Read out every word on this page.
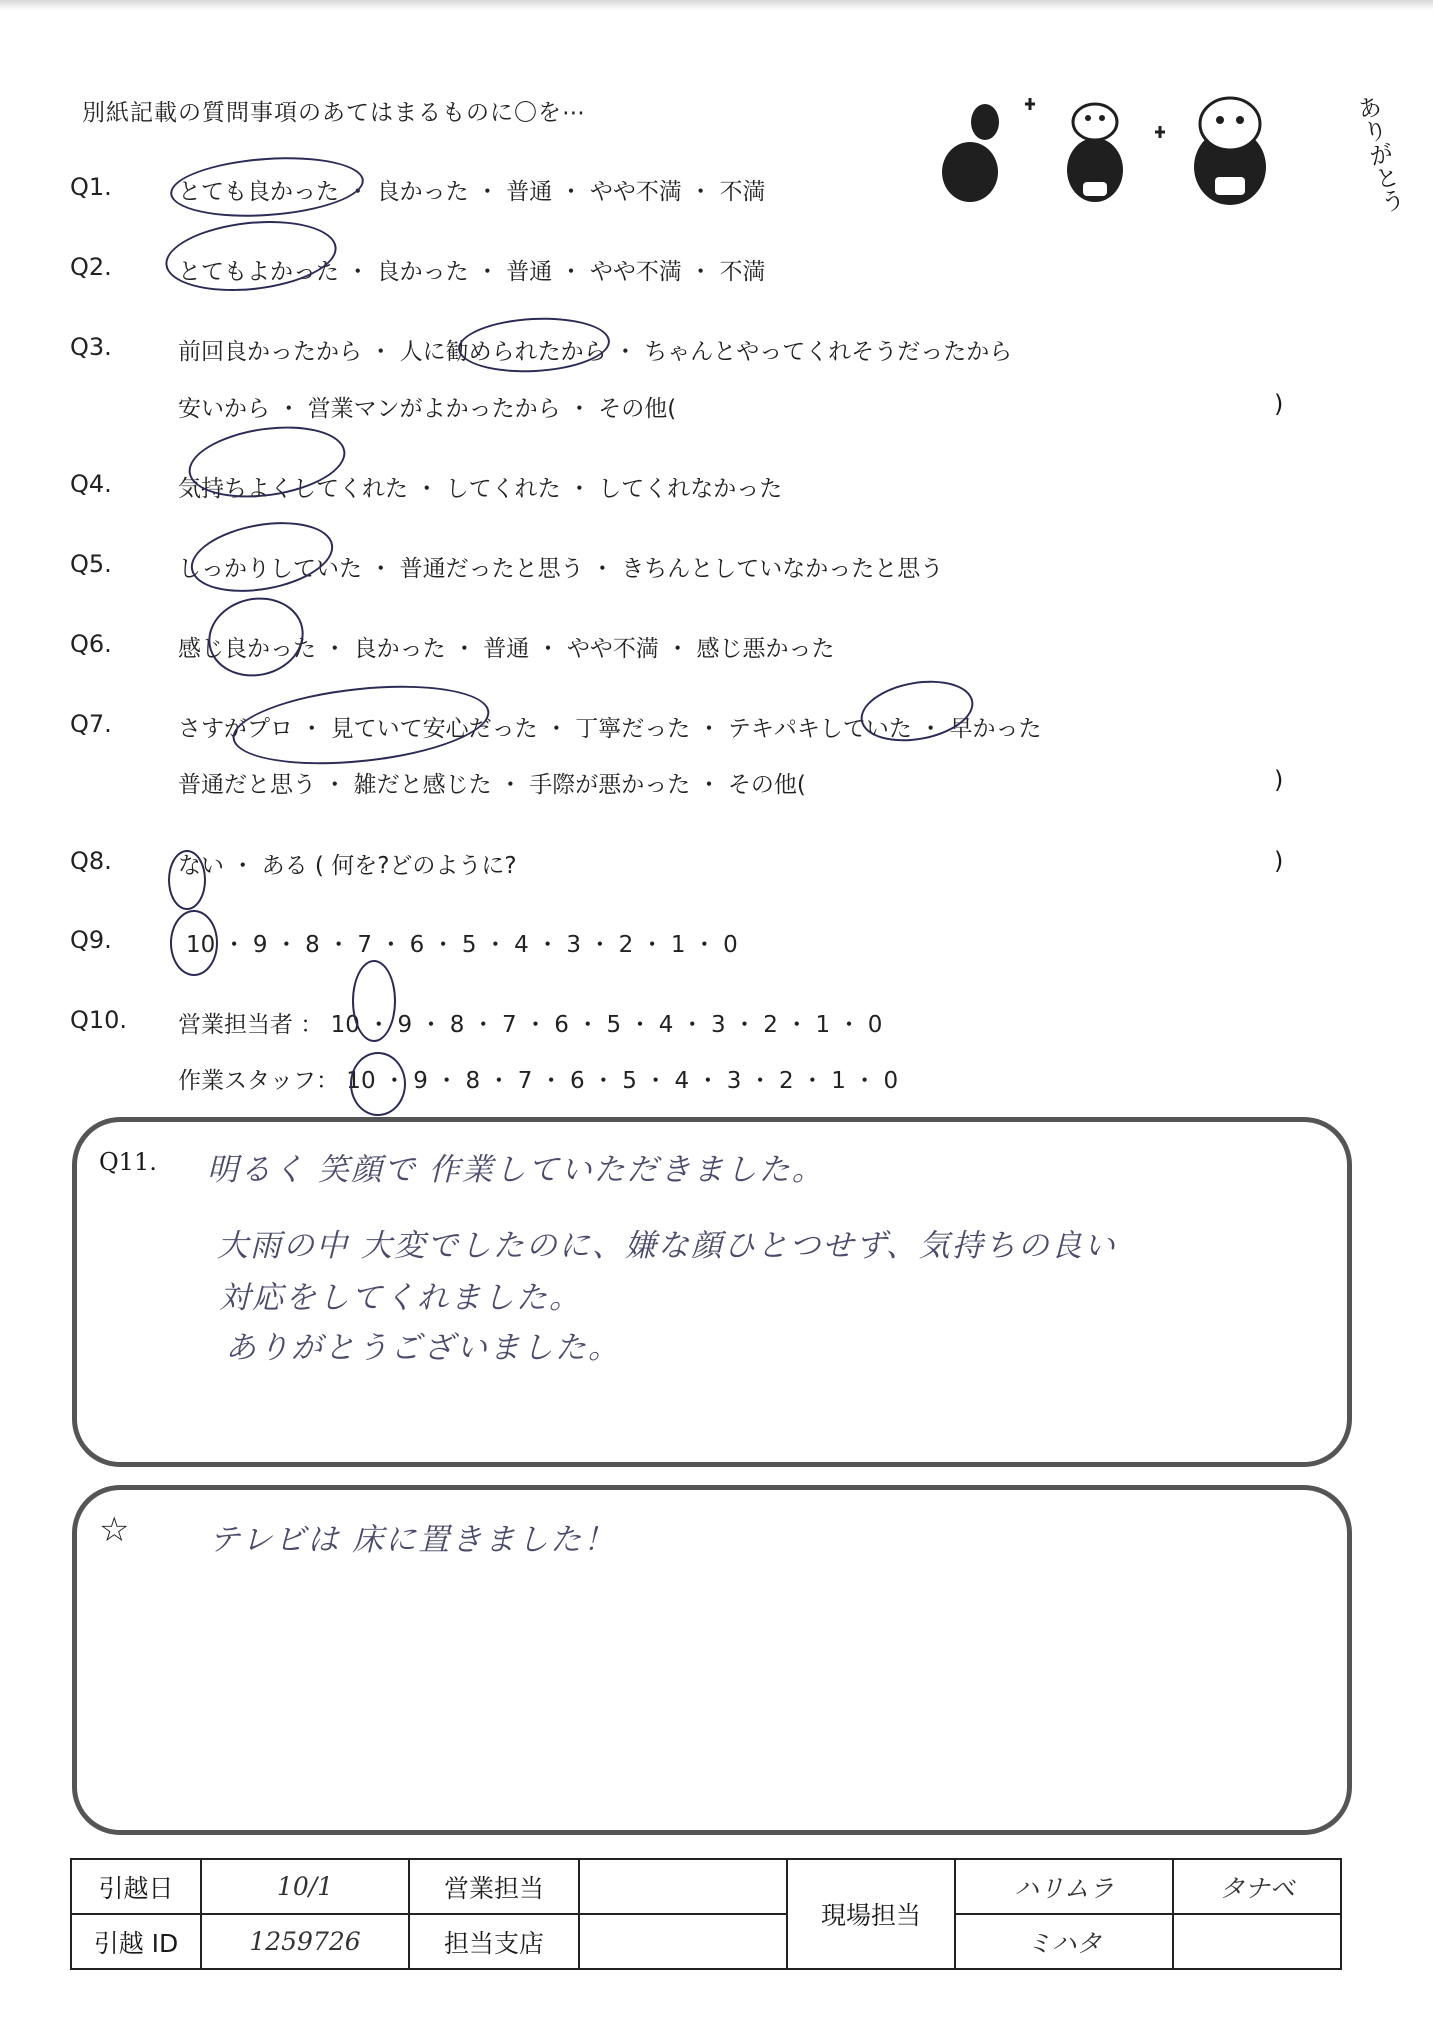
別紙記載の質問事項のあてはまるものに〇を⋯	ありがとう
Q1.	とても良かった ・ 良かった ・ 普通 ・ やや不満 ・ 不満
Q2.	とてもよかった ・ 良かった ・ 普通 ・ やや不満 ・ 不満
Q3.	前回良かったから ・ 人に勧められたから ・ ちゃんとやってくれそうだったから
安いから ・ 営業マンがよかったから ・ その他(	)
Q4.	気持ちよくしてくれた ・ してくれた ・ してくれなかった
Q5.	しっかりしていた ・ 普通だったと思う ・ きちんとしていなかったと思う
Q6.	感じ良かった ・ 良かった ・ 普通 ・ やや不満 ・ 感じ悪かった
Q7.	さすがプロ ・ 見ていて安心だった ・ 丁寧だった ・ テキパキしていた ・ 早かった
普通だと思う ・ 雑だと感じた ・ 手際が悪かった ・ その他(	)
Q8.	ない ・ ある ( 何を?どのように?	)
Q9.	10 ・ 9 ・ 8 ・ 7 ・ 6 ・ 5 ・ 4 ・ 3 ・ 2 ・ 1 ・ 0
Q10. 営業担当者 ： 10 ・ 9 ・ 8 ・ 7 ・ 6 ・ 5 ・ 4 ・ 3 ・ 2 ・ 1 ・ 0
作業スタッフ： 10 ・ 9 ・ 8 ・ 7 ・ 6 ・ 5 ・ 4 ・ 3 ・ 2 ・ 1 ・ 0
Q11. 明るく 笑顔で 作業していただきました。
大雨の中 大変でしたのに、嫌な顔ひとつせず、気持ちの良い
対応をしてくれました。
ありがとうございました。
☆	テレビは 床に置きました！
引越日	10/1	営業担当		現場担当	ハリムラ	タナベ
引越 ID	1259726	担当支店			ミハタ	
